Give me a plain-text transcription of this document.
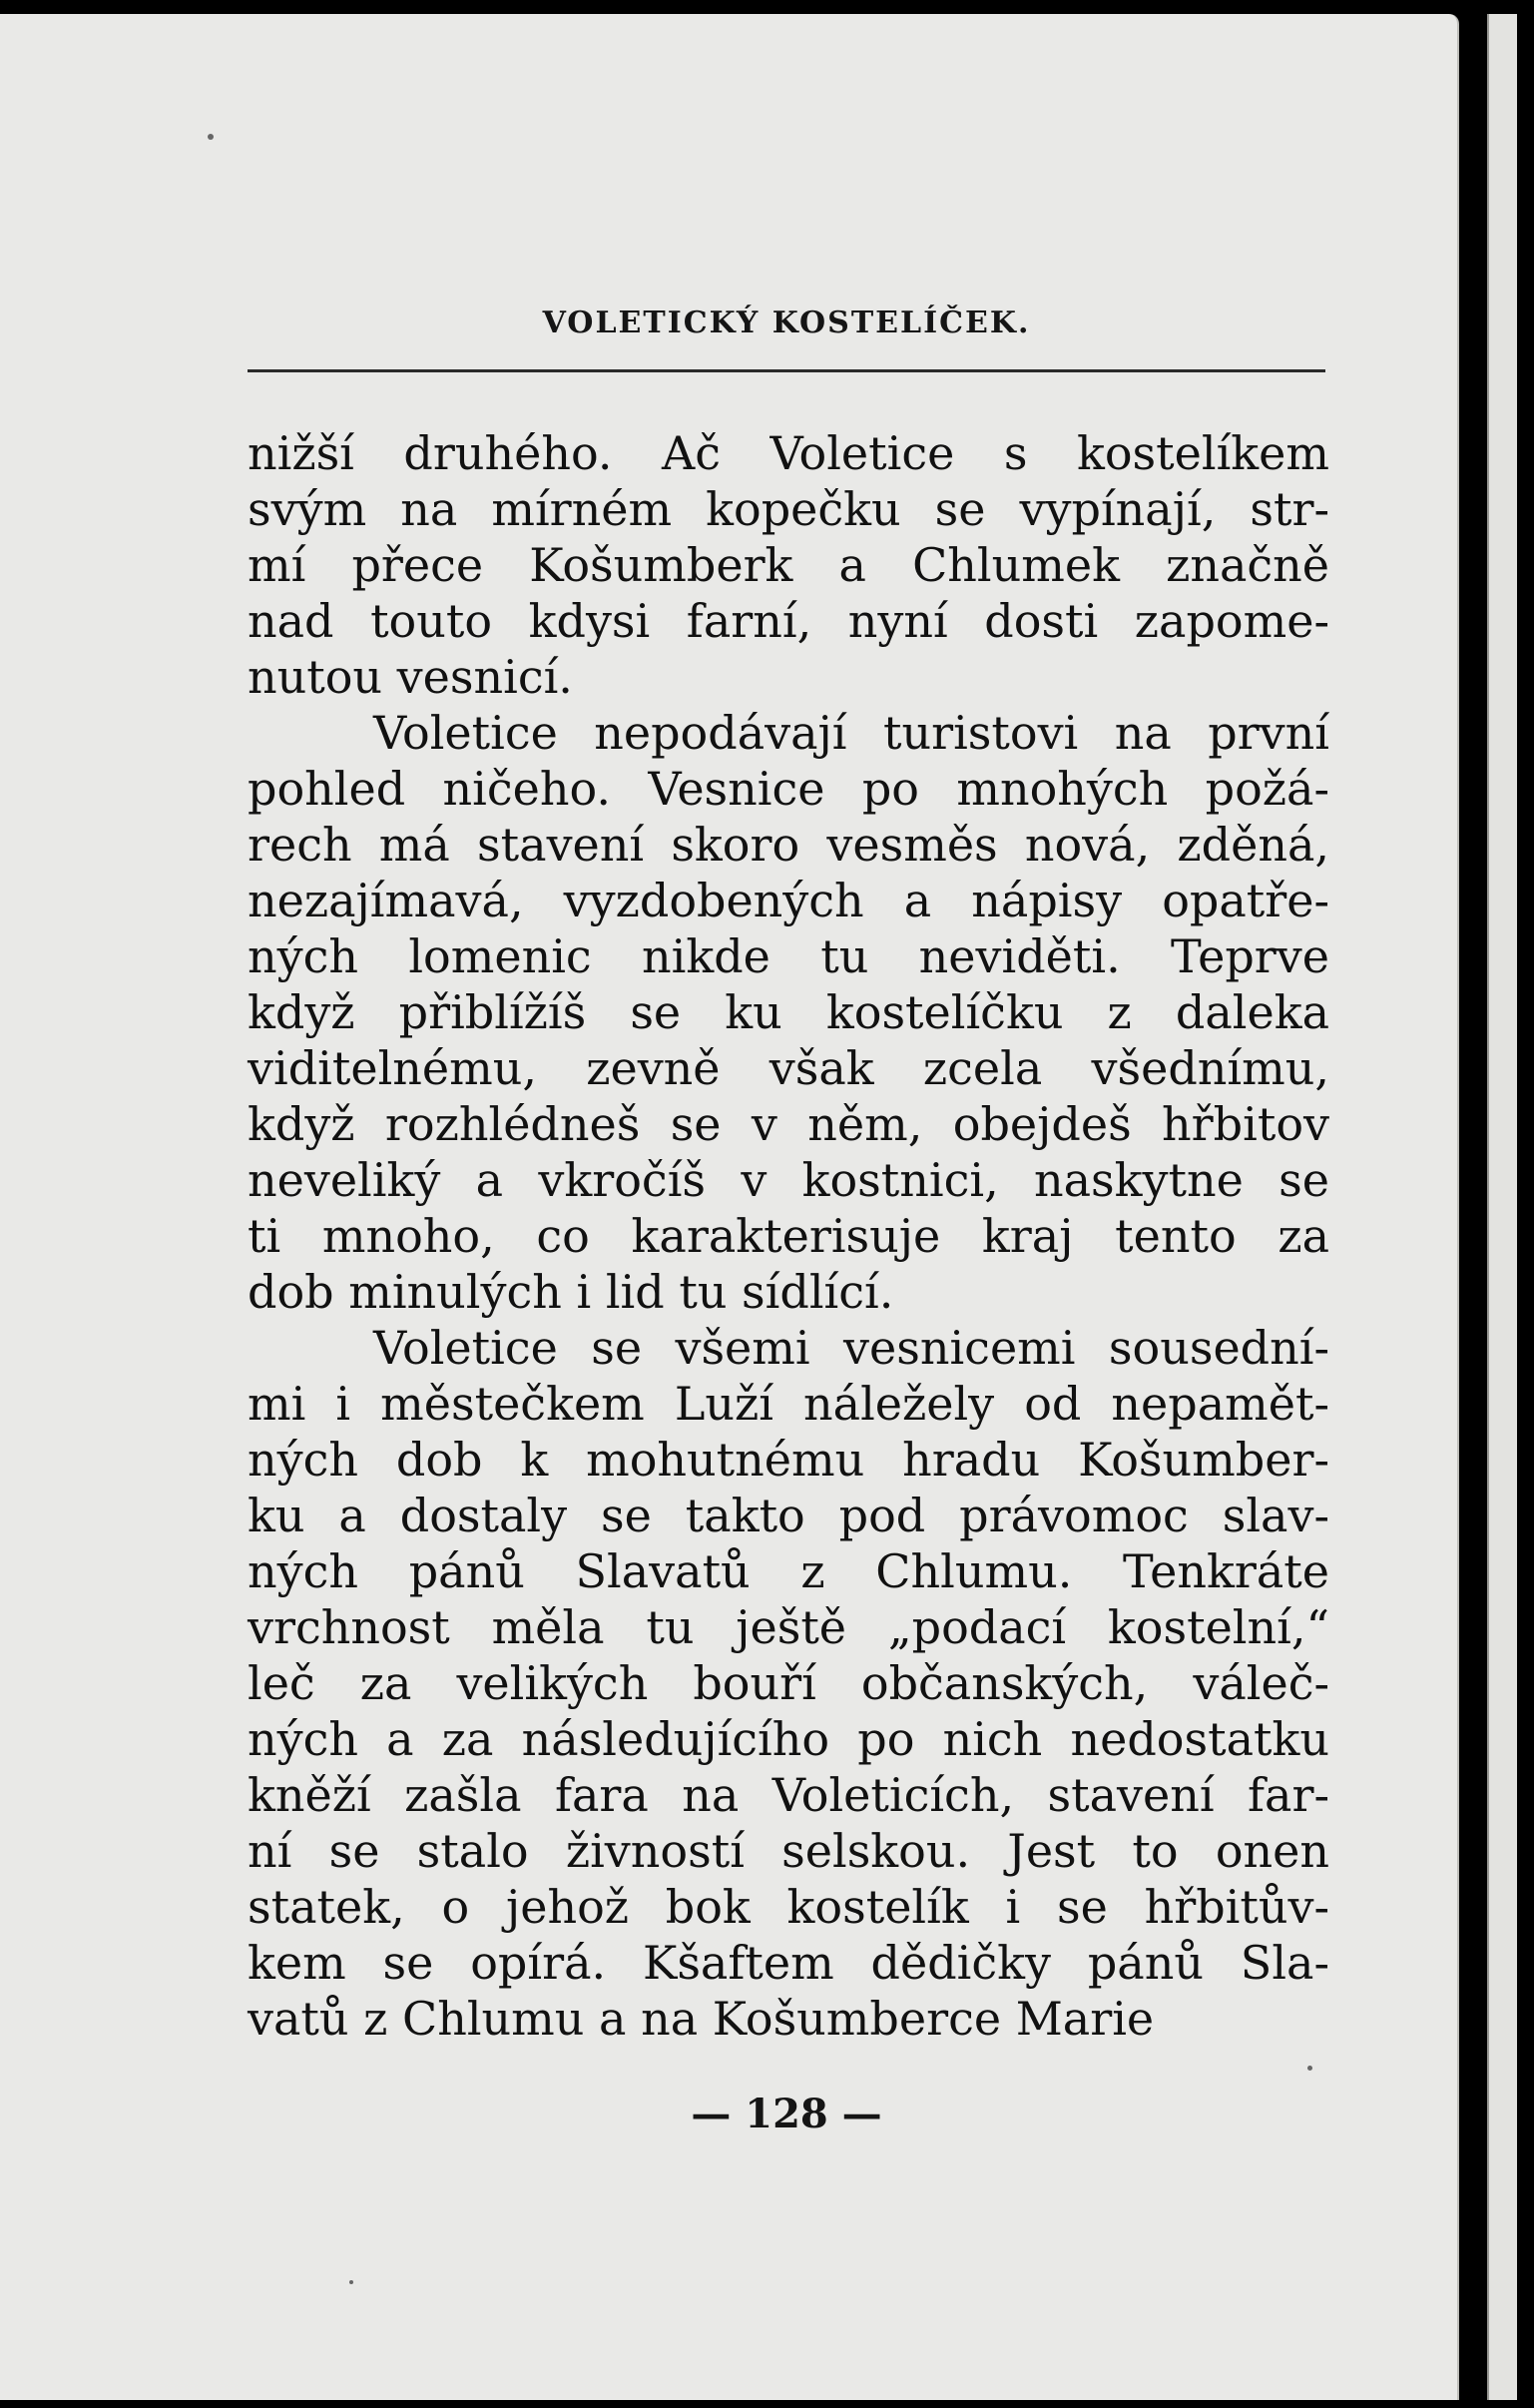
VOLETICKÝ KOSTELÍČEK.
nižší druhého. Ač Voletice s kostelíkem
svým na mírném kopečku se vypínají, str-
mí přece Košumberk a Chlumek značně
nad touto kdysi farní, nyní dosti zapome-
nutou vesnicí.
Voletice nepodávají turistovi na první
pohled ničeho. Vesnice po mnohých požá-
rech má stavení skoro vesměs nová, zděná,
nezajímavá, vyzdobených a nápisy opatře-
ných lomenic nikde tu neviděti. Teprve
když přiblížíš se ku kostelíčku z daleka
viditelnému, zevně však zcela všednímu,
když rozhlédneš se v něm, obejdeš hřbitov
neveliký a vkročíš v kostnici, naskytne se
ti mnoho, co karakterisuje kraj tento za
dob minulých i lid tu sídlící.
Voletice se všemi vesnicemi sousední-
mi i městečkem Luží náležely od nepamět-
ných dob k mohutnému hradu Košumber-
ku a dostaly se takto pod právomoc slav-
ných pánů Slavatů z Chlumu. Tenkráte
vrchnost měla tu ještě „podací kostelní,“
leč za velikých bouří občanských, váleč-
ných a za následujícího po nich nedostatku
kněží zašla fara na Voleticích, stavení far-
ní se stalo živností selskou. Jest to onen
statek, o jehož bok kostelík i se hřbitův-
kem se opírá. Kšaftem dědičky pánů Sla-
vatů z Chlumu a na Košumberce Marie
— 128 —
